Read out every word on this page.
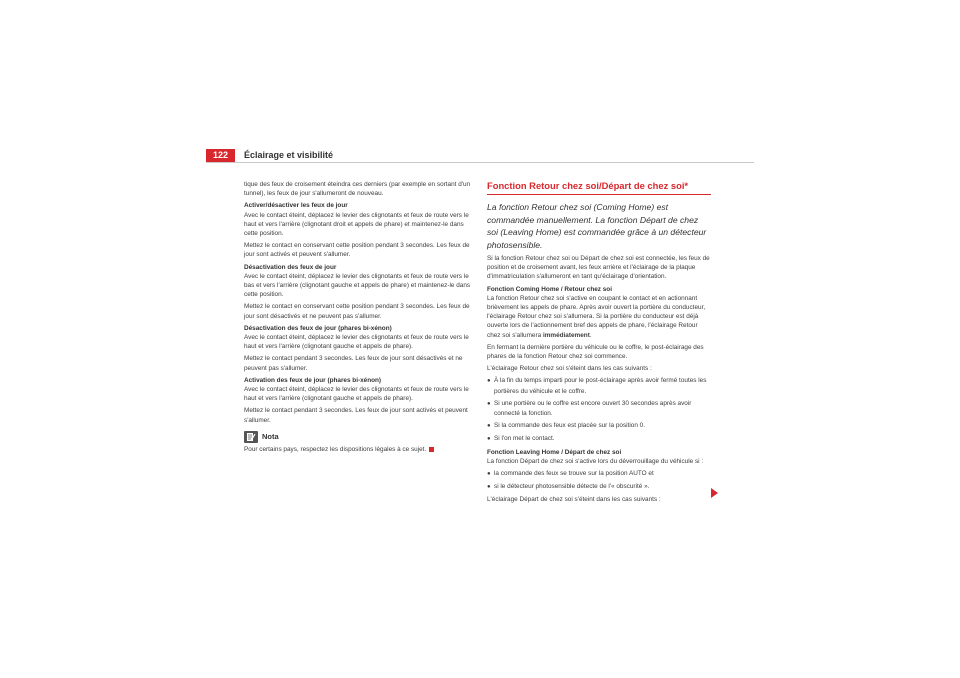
122	Éclairage et visibilité

tique des feux de croisement éteindra ces derniers (par exemple en sortant d'un tunnel), les feux de jour s'allumeront de nouveau.

Activer/désactiver les feux de jour

Avec le contact éteint, déplacez le levier des clignotants et feux de route vers le haut et vers l'arrière (clignotant droit et appels de phare) et maintenez-le dans cette position.

Mettez le contact en conservant cette position pendant 3 secondes. Les feux de jour sont activés et peuvent s'allumer.

Désactivation des feux de jour

Avec le contact éteint, déplacez le levier des clignotants et feux de route vers le bas et vers l'arrière (clignotant gauche et appels de phare) et maintenez-le dans cette position.

Mettez le contact en conservant cette position pendant 3 secondes. Les feux de jour sont désactivés et ne peuvent pas s'allumer.

Désactivation des feux de jour (phares bi-xénon)

Avec le contact éteint, déplacez le levier des clignotants et feux de route vers le haut et vers l'arrière (clignotant gauche et appels de phare).

Mettez le contact pendant 3 secondes. Les feux de jour sont désactivés et ne peuvent pas s'allumer.

Activation des feux de jour (phares bi-xénon)

Avec le contact éteint, déplacez le levier des clignotants et feux de route vers le haut et vers l'arrière (clignotant gauche et appels de phare).

Mettez le contact pendant 3 secondes. Les feux de jour sont activés et peuvent s'allumer.

Nota

Pour certains pays, respectez les dispositions légales à ce sujet.

Fonction Retour chez soi/Départ de chez soi*

La fonction Retour chez soi (Coming Home) est commandée manuellement. La fonction Départ de chez soi (Leaving Home) est commandée grâce à un détecteur photosensible.

Si la fonction Retour chez soi ou Départ de chez soi est connectée, les feux de position et de croisement avant, les feux arrière et l'éclairage de la plaque d'immatriculation s'allumeront en tant qu'éclairage d'orientation.

Fonction Coming Home / Retour chez soi

La fonction Retour chez soi s'active en coupant le contact et en actionnant brièvement les appels de phare. Après avoir ouvert la portière du conducteur, l'éclairage Retour chez soi s'allumera. Si la portière du conducteur est déjà ouverte lors de l'actionnement bref des appels de phare, l'éclairage Retour chez soi s'allumera immédiatement.

En fermant la dernière portière du véhicule ou le coffre, le post-éclairage des phares de la fonction Retour chez soi commence.

L'éclairage Retour chez soi s'éteint dans les cas suivants :

● À la fin du temps imparti pour le post-éclairage après avoir fermé toutes les portières du véhicule et le coffre.

● Si une portière ou le coffre est encore ouvert 30 secondes après avoir connecté la fonction.

● Si la commande des feux est placée sur la position 0.

● Si l'on met le contact.

Fonction Leaving Home / Départ de chez soi

La fonction Départ de chez soi s'active lors du déverrouillage du véhicule si :

● la commande des feux se trouve sur la position AUTO et

● si le détecteur photosensible détecte de l'« obscurité ».

L'éclairage Départ de chez soi s'éteint dans les cas suivants :
